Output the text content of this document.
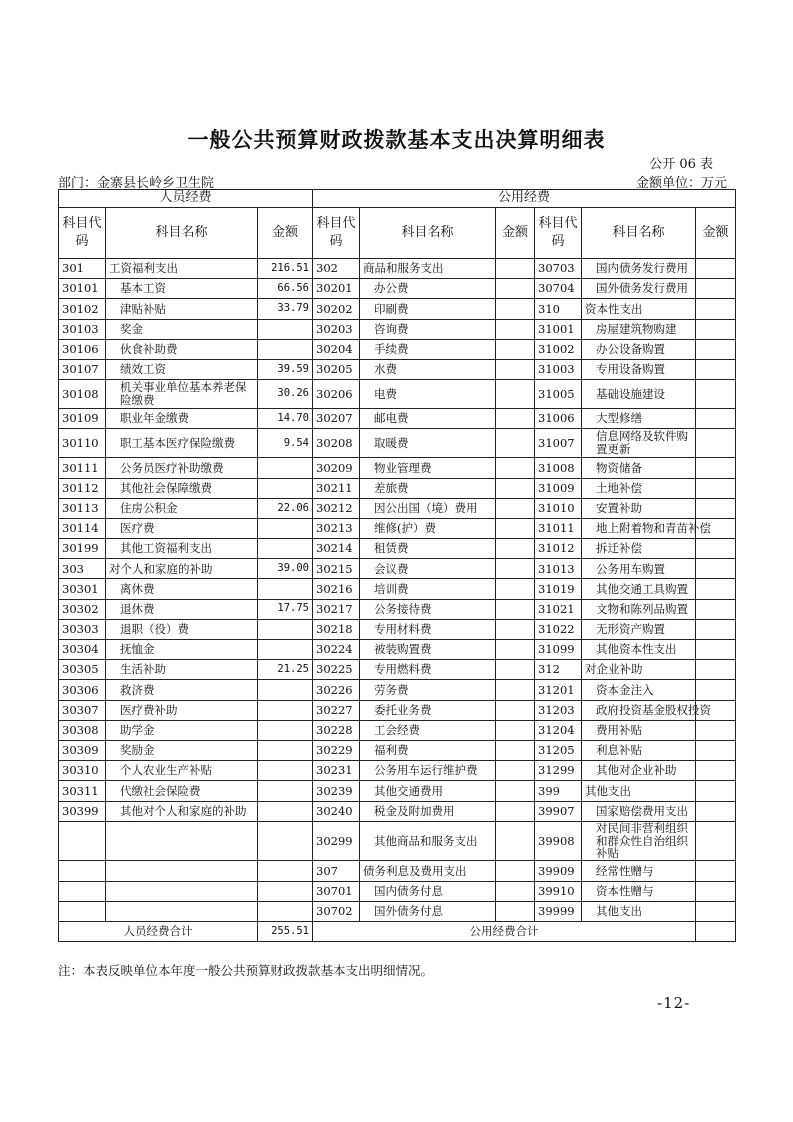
一般公共预算财政拨款基本支出决算明细表
公开 06 表
部门：金寨县长岭乡卫生院	金额单位：万元
人员经费			公用经费					
科目代码	科目名称	金额	科目代码	科目名称	金额	科目代码	科目名称	金额
301	工资福利支出	216.51	302	商品和服务支出		30703	国内债务发行费用	
30101	基本工资	66.56	30201	办公费		30704	国外债务发行费用	
30102	津贴补贴	33.79	30202	印刷费		310	资本性支出	
30103	奖金		30203	咨询费		31001	房屋建筑物购建	
30106	伙食补助费		30204	手续费		31002	办公设备购置	
30107	绩效工资	39.59	30205	水费		31003	专用设备购置	
30108	机关事业单位基本养老保险缴费	30.26	30206	电费		31005	基础设施建设	
30109	职业年金缴费	14.70	30207	邮电费		31006	大型修缮	
30110	职工基本医疗保险缴费	9.54	30208	取暖费		31007	信息网络及软件购置更新	
30111	公务员医疗补助缴费		30209	物业管理费		31008	物资储备	
30112	其他社会保障缴费		30211	差旅费		31009	土地补偿	
30113	住房公积金	22.06	30212	因公出国（境）费用		31010	安置补助	
30114	医疗费		30213	维修(护）费		31011	地上附着物和青苗补偿	
30199	其他工资福利支出		30214	租赁费		31012	拆迁补偿	
303	对个人和家庭的补助	39.00	30215	会议费		31013	公务用车购置	
30301	离休费		30216	培训费		31019	其他交通工具购置	
30302	退休费	17.75	30217	公务接待费		31021	文物和陈列品购置	
30303	退职（役）费		30218	专用材料费		31022	无形资产购置	
30304	抚恤金		30224	被装购置费		31099	其他资本性支出	
30305	生活补助	21.25	30225	专用燃料费		312	对企业补助	
30306	救济费		30226	劳务费		31201	资本金注入	
30307	医疗费补助		30227	委托业务费		31203	政府投资基金股权投资	
30308	助学金		30228	工会经费		31204	费用补贴	
30309	奖励金		30229	福利费		31205	利息补贴	
30310	个人农业生产补贴		30231	公务用车运行维护费		31299	其他对企业补助	
30311	代缴社会保险费		30239	其他交通费用		399	其他支出	
30399	其他对个人和家庭的补助		30240	税金及附加费用		39907	国家赔偿费用支出	
			30299	其他商品和服务支出		39908	对民间非营利组织和群众性自治组织补贴	
			307	债务利息及费用支出		39909	经常性赠与	
			30701	国内债务付息		39910	资本性赠与	
			30702	国外债务付息		39999	其他支出	
人员经费合计		255.51	公用经费合计					
注：本表反映单位本年度一般公共预算财政拨款基本支出明细情况。
-12-
